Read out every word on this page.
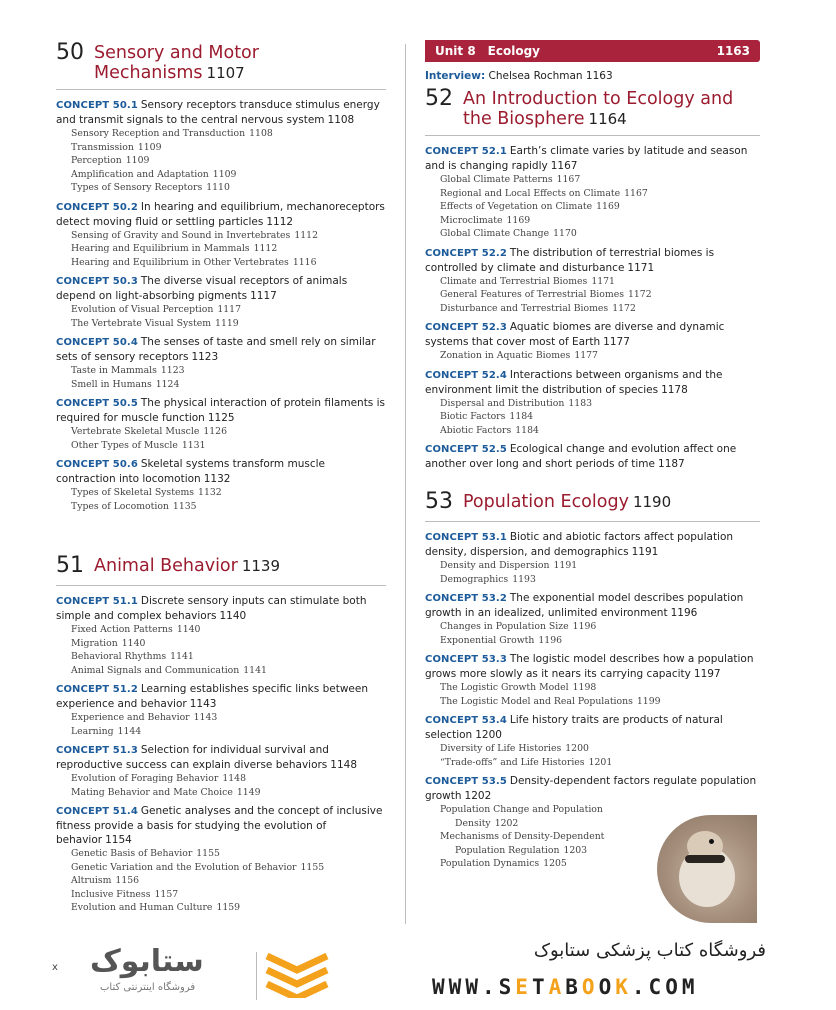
50 Sensory and Motor Mechanisms 1107
CONCEPT 50.1 Sensory receptors transduce stimulus energy and transmit signals to the central nervous system 1108
Sensory Reception and Transduction 1108
Transmission 1109
Perception 1109
Amplification and Adaptation 1109
Types of Sensory Receptors 1110
CONCEPT 50.2 In hearing and equilibrium, mechanoreceptors detect moving fluid or settling particles 1112
Sensing of Gravity and Sound in Invertebrates 1112
Hearing and Equilibrium in Mammals 1112
Hearing and Equilibrium in Other Vertebrates 1116
CONCEPT 50.3 The diverse visual receptors of animals depend on light-absorbing pigments 1117
Evolution of Visual Perception 1117
The Vertebrate Visual System 1119
CONCEPT 50.4 The senses of taste and smell rely on similar sets of sensory receptors 1123
Taste in Mammals 1123
Smell in Humans 1124
CONCEPT 50.5 The physical interaction of protein filaments is required for muscle function 1125
Vertebrate Skeletal Muscle 1126
Other Types of Muscle 1131
CONCEPT 50.6 Skeletal systems transform muscle contraction into locomotion 1132
Types of Skeletal Systems 1132
Types of Locomotion 1135
51 Animal Behavior 1139
CONCEPT 51.1 Discrete sensory inputs can stimulate both simple and complex behaviors 1140
Fixed Action Patterns 1140
Migration 1140
Behavioral Rhythms 1141
Animal Signals and Communication 1141
CONCEPT 51.2 Learning establishes specific links between experience and behavior 1143
Experience and Behavior 1143
Learning 1144
CONCEPT 51.3 Selection for individual survival and reproductive success can explain diverse behaviors 1148
Evolution of Foraging Behavior 1148
Mating Behavior and Mate Choice 1149
CONCEPT 51.4 Genetic analyses and the concept of inclusive fitness provide a basis for studying the evolution of behavior 1154
Genetic Basis of Behavior 1155
Genetic Variation and the Evolution of Behavior 1155
Altruism 1156
Inclusive Fitness 1157
Evolution and Human Culture 1159
Unit 8 Ecology	1163
Interview: Chelsea Rochman 1163
52 An Introduction to Ecology and the Biosphere 1164
CONCEPT 52.1 Earth’s climate varies by latitude and season and is changing rapidly 1167
Global Climate Patterns 1167
Regional and Local Effects on Climate 1167
Effects of Vegetation on Climate 1169
Microclimate 1169
Global Climate Change 1170
CONCEPT 52.2 The distribution of terrestrial biomes is controlled by climate and disturbance 1171
Climate and Terrestrial Biomes 1171
General Features of Terrestrial Biomes 1172
Disturbance and Terrestrial Biomes 1172
CONCEPT 52.3 Aquatic biomes are diverse and dynamic systems that cover most of Earth 1177
Zonation in Aquatic Biomes 1177
CONCEPT 52.4 Interactions between organisms and the environment limit the distribution of species 1178
Dispersal and Distribution 1183
Biotic Factors 1184
Abiotic Factors 1184
CONCEPT 52.5 Ecological change and evolution affect one another over long and short periods of time 1187
53 Population Ecology 1190
CONCEPT 53.1 Biotic and abiotic factors affect population density, dispersion, and demographics 1191
Density and Dispersion 1191
Demographics 1193
CONCEPT 53.2 The exponential model describes population growth in an idealized, unlimited environment 1196
Changes in Population Size 1196
Exponential Growth 1196
CONCEPT 53.3 The logistic model describes how a population grows more slowly as it nears its carrying capacity 1197
The Logistic Growth Model 1198
The Logistic Model and Real Populations 1199
CONCEPT 53.4 Life history traits are products of natural selection 1200
Diversity of Life Histories 1200
“Trade-offs” and Life Histories 1201
CONCEPT 53.5 Density-dependent factors regulate population growth 1202
Population Change and Population
Density 1202
Mechanisms of Density-Dependent
Population Regulation 1203
Population Dynamics 1205
x ستابوک
فروشگاه اینترنتی کتاب
فروشگاه کتاب پزشکی ستابوک
WWW.SETABOOK.COM
